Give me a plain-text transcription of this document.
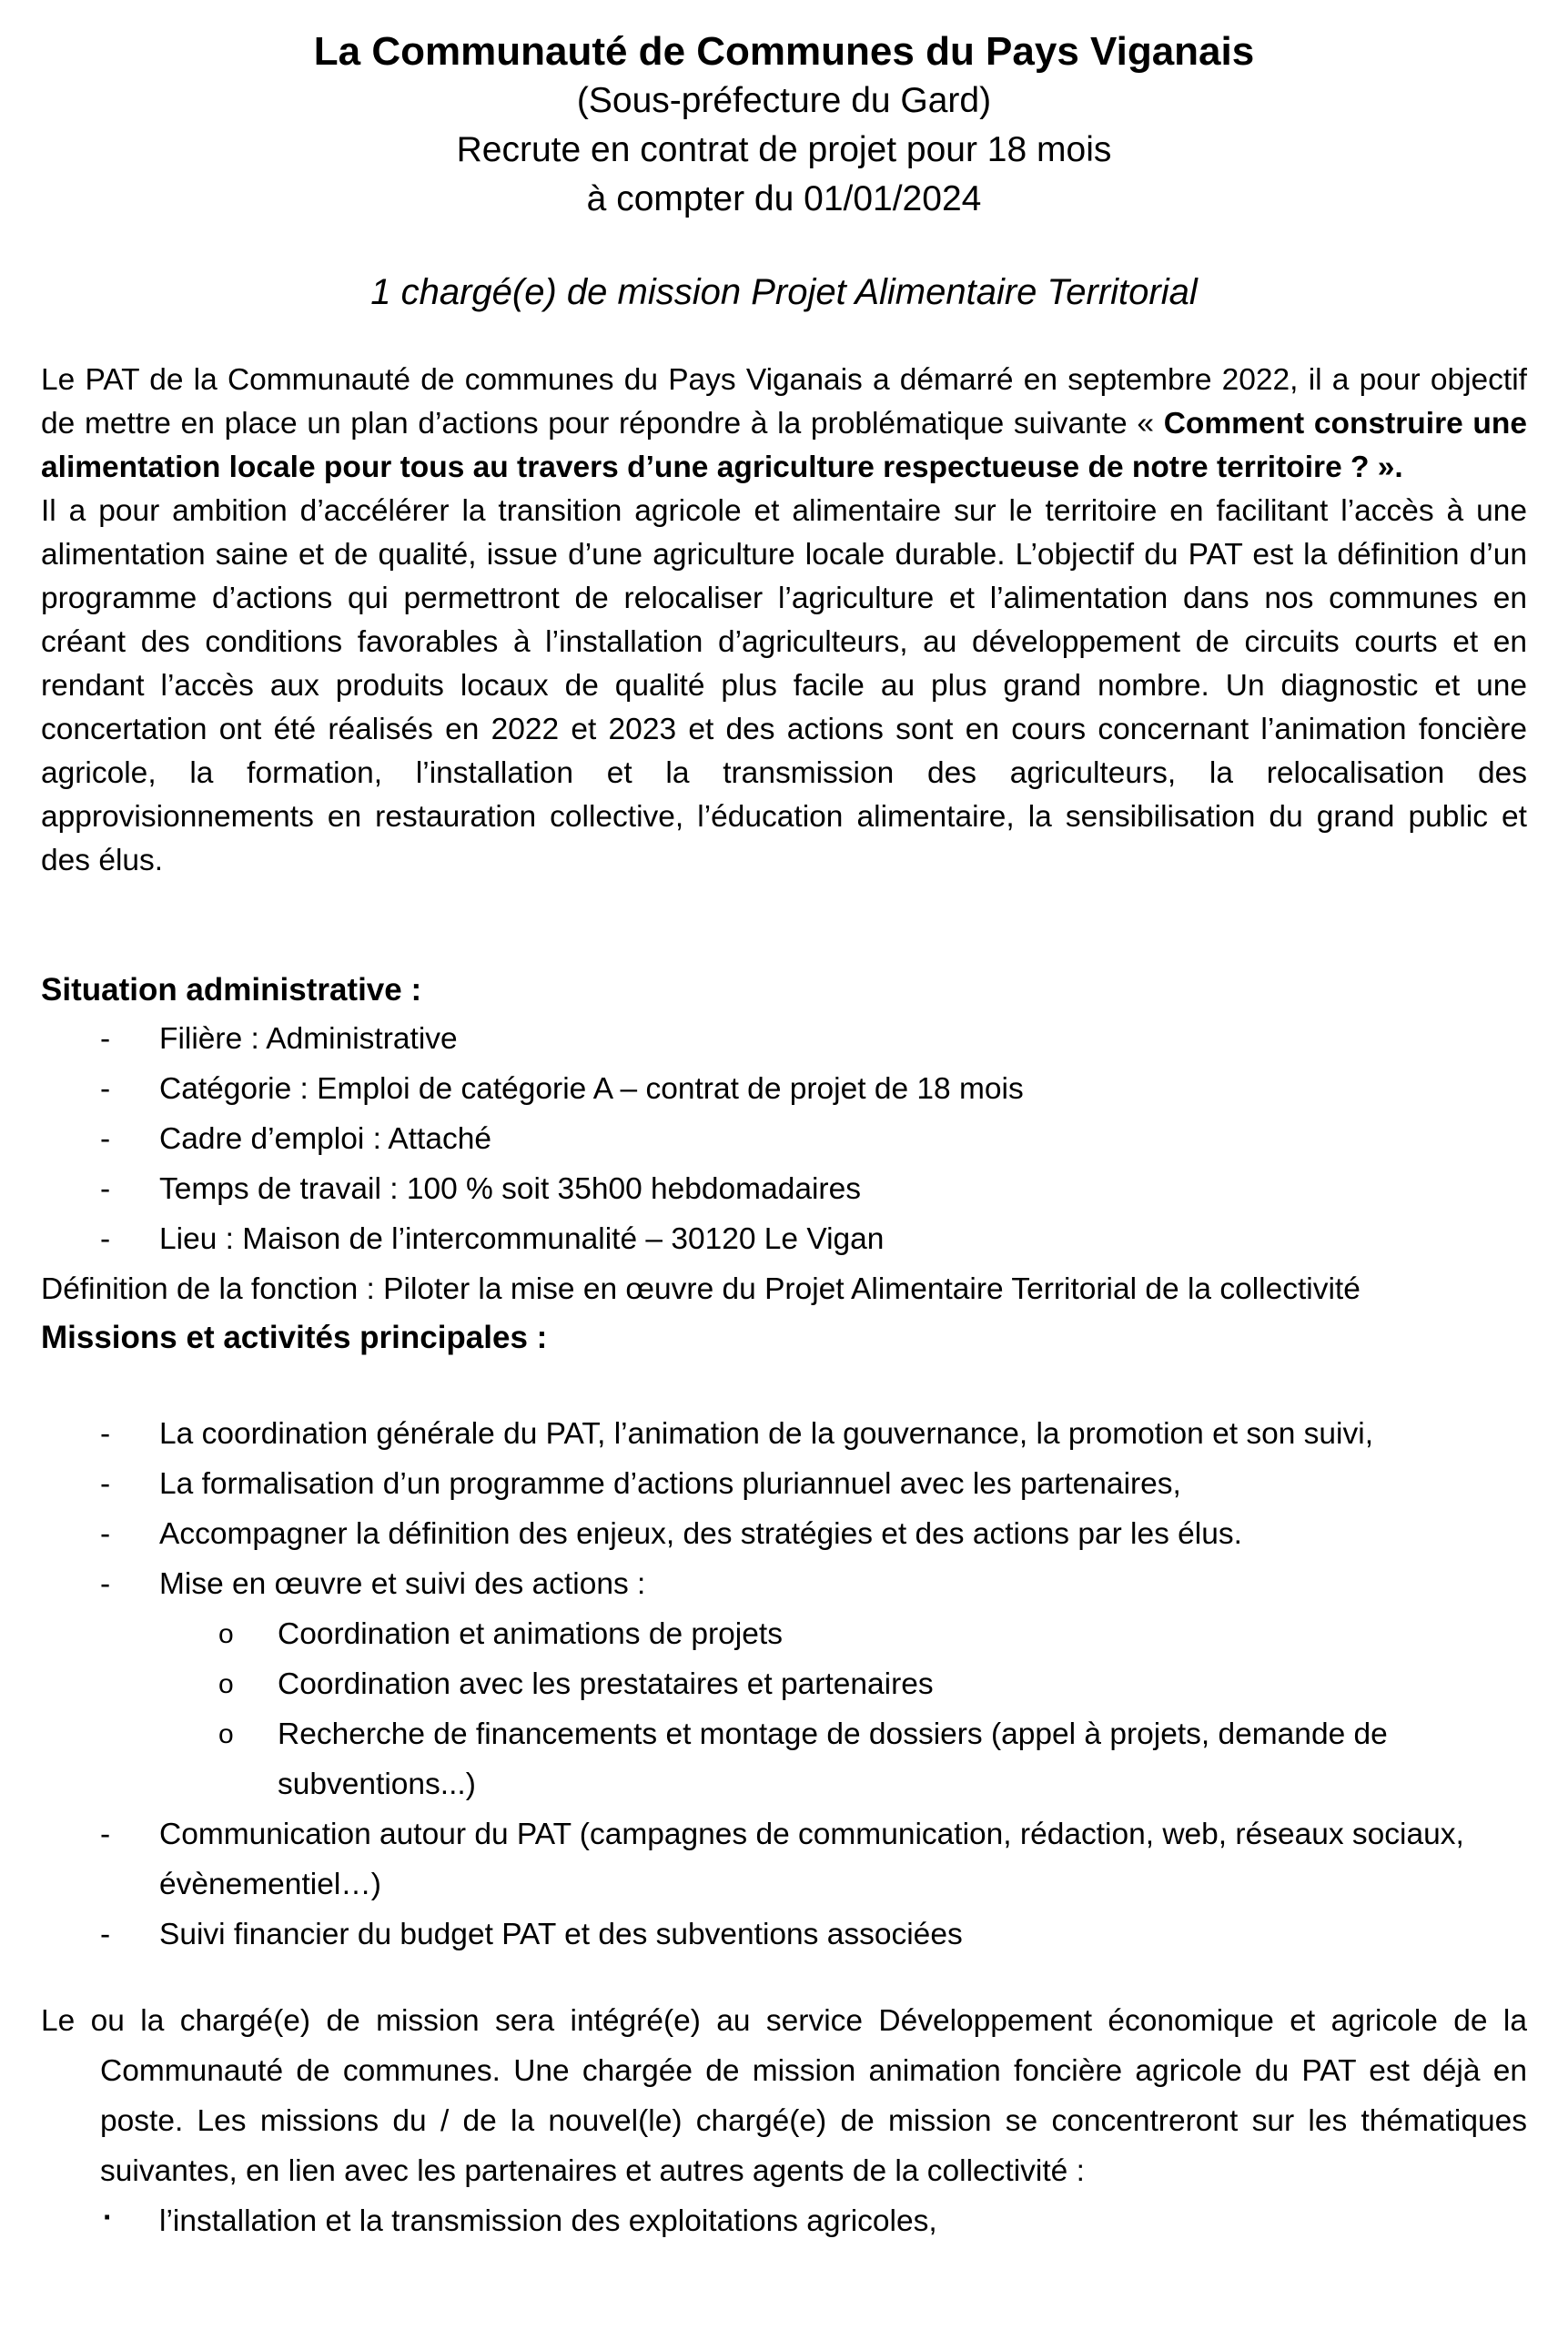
La Communauté de Communes du Pays Viganais

(Sous-préfecture du Gard)

Recrute en contrat de projet pour 18 mois

à compter du 01/01/2024

1 chargé(e) de mission Projet Alimentaire Territorial

Le PAT de la Communauté de communes du Pays Viganais a démarré en septembre 2022, il a pour objectif de mettre en place un plan d’actions pour répondre à la problématique suivante « Comment construire une alimentation locale pour tous au travers d’une agriculture respectueuse de notre territoire ? ».

Il a pour ambition d’accélérer la transition agricole et alimentaire sur le territoire en facilitant l’accès à une alimentation saine et de qualité, issue d’une agriculture locale durable. L’objectif du PAT est la définition d’un programme d’actions qui permettront de relocaliser l’agriculture et l’alimentation dans nos communes en créant des conditions favorables à l’installation d’agriculteurs, au développement de circuits courts et en rendant l’accès aux produits locaux de qualité plus facile au plus grand nombre. Un diagnostic et une concertation ont été réalisés en 2022 et 2023 et des actions sont en cours concernant l’animation foncière agricole, la formation, l’installation et la transmission des agriculteurs, la relocalisation des approvisionnements en restauration collective, l’éducation alimentaire, la sensibilisation du grand public et des élus.

Situation administrative :

- Filière : Administrative
- Catégorie : Emploi de catégorie A – contrat de projet de 18 mois
- Cadre d’emploi : Attaché
- Temps de travail : 100 % soit 35h00 hebdomadaires
- Lieu : Maison de l’intercommunalité – 30120 Le Vigan

Définition de la fonction : Piloter la mise en œuvre du Projet Alimentaire Territorial de la collectivité

Missions et activités principales :

- La coordination générale du PAT, l’animation de la gouvernance, la promotion et son suivi,
- La formalisation d’un programme d’actions pluriannuel avec les partenaires,
- Accompagner la définition des enjeux, des stratégies et des actions par les élus.
- Mise en œuvre et suivi des actions :
o Coordination et animations de projets
o Coordination avec les prestataires et partenaires
o Recherche de financements et montage de dossiers (appel à projets, demande de subventions...)
- Communication autour du PAT (campagnes de communication, rédaction, web, réseaux sociaux, évènementiel…)
- Suivi financier du budget PAT et des subventions associées

Le ou la chargé(e) de mission sera intégré(e) au service Développement économique et agricole de la Communauté de communes. Une chargée de mission animation foncière agricole du PAT est déjà en poste. Les missions du / de la nouvel(le) chargé(e) de mission se concentreront sur les thématiques suivantes, en lien avec les partenaires et autres agents de la collectivité :

· l’installation et la transmission des exploitations agricoles,
